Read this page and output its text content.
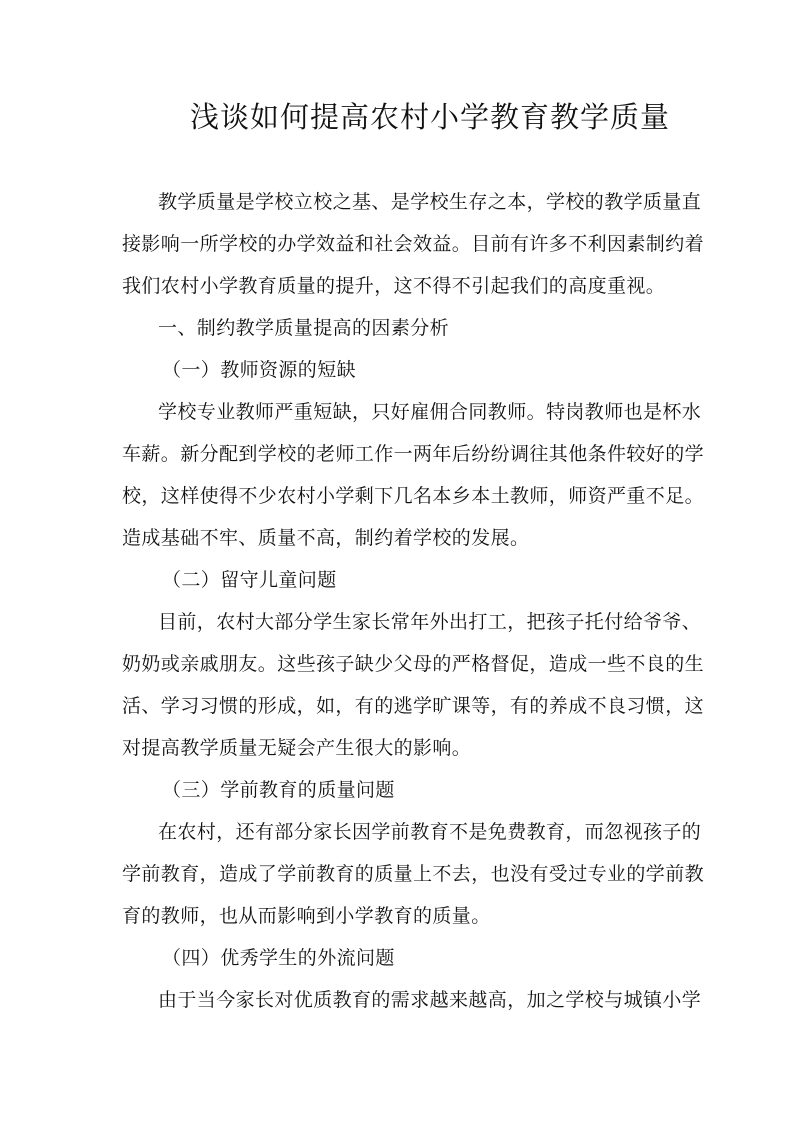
浅谈如何提高农村小学教育教学质量
教学质量是学校立校之基、是学校生存之本，学校的教学质量直
接影响一所学校的办学效益和社会效益。目前有许多不利因素制约着
我们农村小学教育质量的提升，这不得不引起我们的高度重视。
一、制约教学质量提高的因素分析
（一）教师资源的短缺
学校专业教师严重短缺，只好雇佣合同教师。特岗教师也是杯水
车薪。新分配到学校的老师工作一两年后纷纷调往其他条件较好的学
校，这样使得不少农村小学剩下几名本乡本土教师，师资严重不足。
造成基础不牢、质量不高，制约着学校的发展。
（二）留守儿童问题
目前，农村大部分学生家长常年外出打工，把孩子托付给爷爷、
奶奶或亲戚朋友。这些孩子缺少父母的严格督促，造成一些不良的生
活、学习习惯的形成，如，有的逃学旷课等，有的养成不良习惯，这
对提高教学质量无疑会产生很大的影响。
（三）学前教育的质量问题
在农村，还有部分家长因学前教育不是免费教育，而忽视孩子的
学前教育，造成了学前教育的质量上不去，也没有受过专业的学前教
育的教师，也从而影响到小学教育的质量。
（四）优秀学生的外流问题
由于当今家长对优质教育的需求越来越高，加之学校与城镇小学
